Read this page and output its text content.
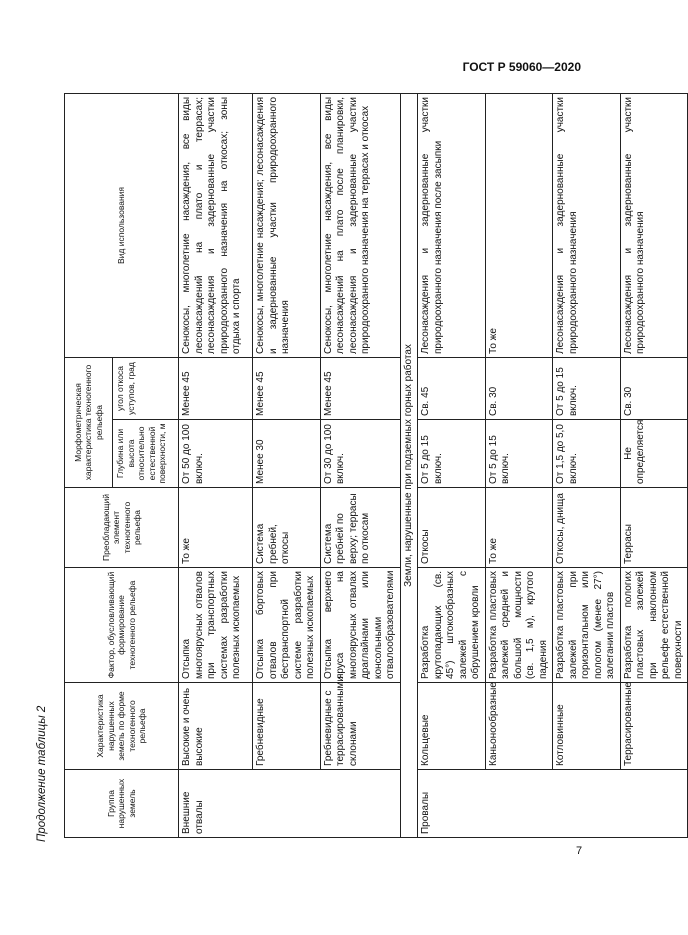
ГОСТ Р 59060—2020
Продолжение таблицы 2	Группа нарушенных земель	Характеристика нарушенных земель по форме техногенного рельефа	Фактор, обусловливающий формирование техногенного рельефа	Преобладающий элемент техногенного рельефа	Морфометрическая характеристика техногенного рельефа		Вид использования
				Глубина или высота относительно естественной поверхности, м	угол откоса уступов, град	
Внешние отвалы	Высокие и очень высокие	Отсыпка многоярусных отвалов при транспортных системах разработки полезных ископаемых	То же	От 50 до 100 включ.	Менее 45	Сенокосы, многолетние насаждения, все виды лесонасаждений на плато и террасах; лесонасаждения и задернованные участки природоохранного назначения на откосах; зоны отдыха и спорта
	Гребневидные	Отсыпка бортовых отвалов при бестранспортной системе разработки полезных ископаемых	Система гребней, откосы	Менее 30	Менее 45	Сенокосы, многолетние насаждения; лесонасаждения и задернованные участки природоохранного назначения
	Гребневидные с террасированными склонами	Отсыпка верхнего яруса на многоярусных отвалах драглайнами или консольными отвалообразователями	Система гребней по верху; террасы по откосам	От 30 до 100 включ.	Менее 45	Сенокосы, многолетние насаждения, все виды лесонасаждений на плато после планировки, лесонасаждения и задернованные участки природоохранного назначения на террасах и откосах
Земли, нарушенные при подземных горных работах						
Провалы	Кольцевые	Разработка крутопадающих (св. 45°) штокообразных залежей с обрушением кровли	Откосы	От 5 до 15 включ.	Св. 45	Лесонасаждения и задернованные участки природоохранного назначения после засыпки
	Каньонообразные	Разработка пластовых залежей средней и большой мощности (св. 1,5 м), крутого падения	То же	От 5 до 15 включ.	Св. 30	То же
	Котловинные	Разработка пластовых залежей при горизонтальном или пологом (менее 27°) залегании пластов	Откосы, днища	От 1,5 до 5,0 включ.	От 5 до 15 включ.	Лесонасаждения и задернованные участки природоохранного назначения
	Террасированные	Разработка пологих пластовых залежей при наклонном рельефе естественной поверхности	Террасы	Не определяется	Св. 30	Лесонасаждения и задернованные участки природоохранного назначения
7
